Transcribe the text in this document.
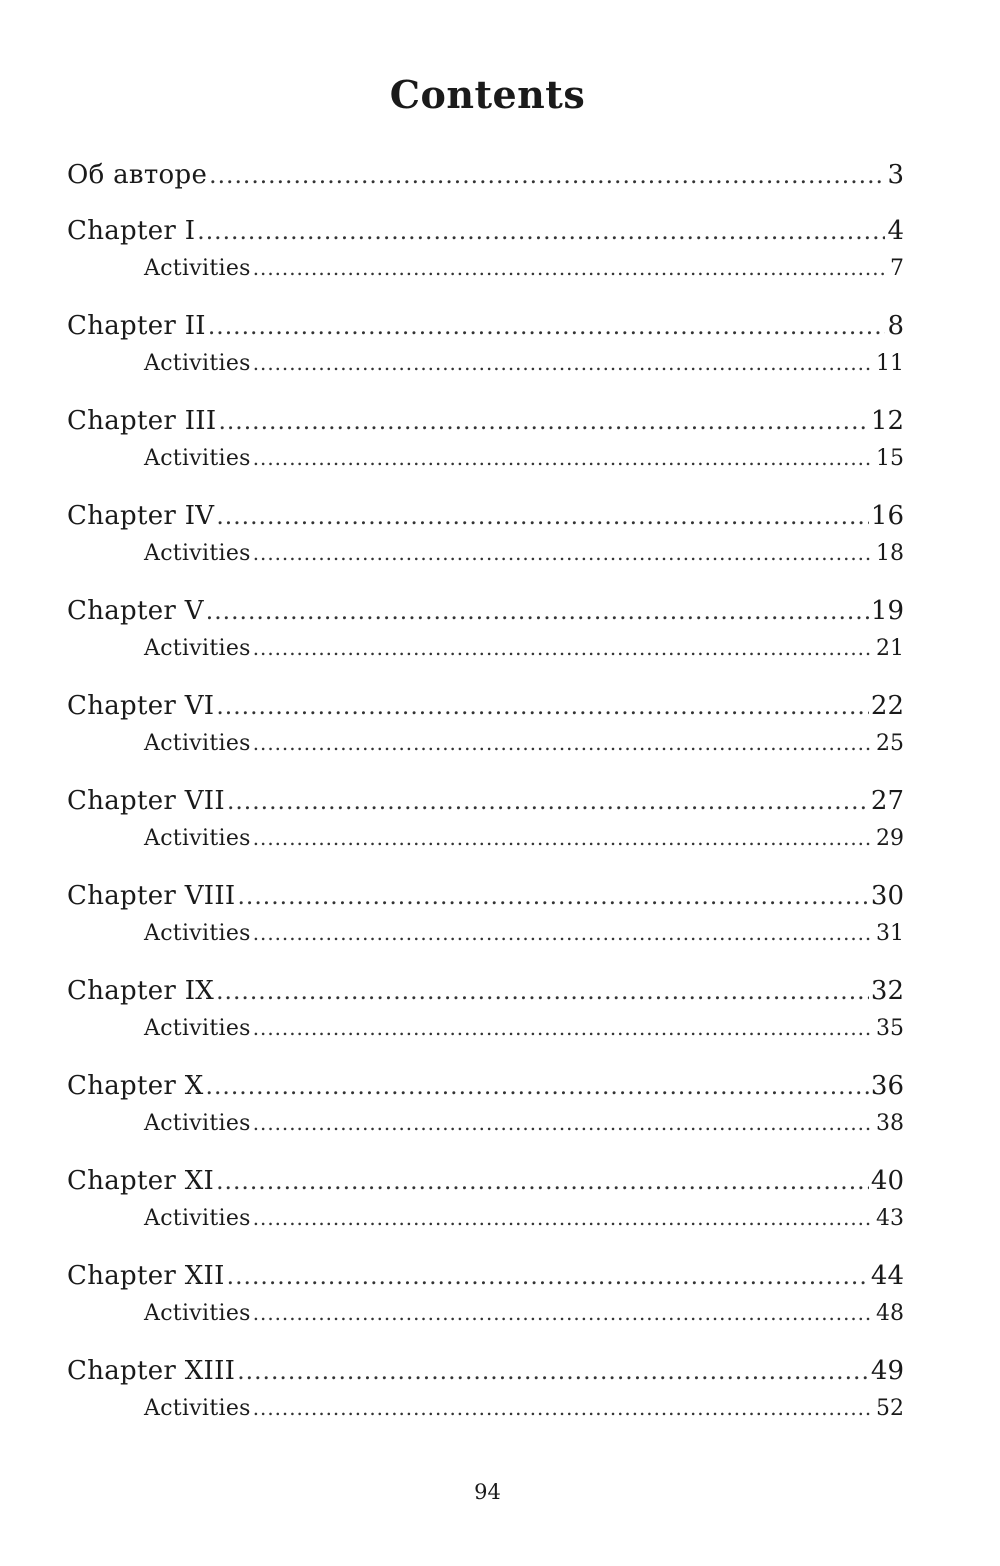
Contents
Об авторе .....	3
Chapter I .....	4
Activities .....	7
Chapter II .....	8
Activities .....	11
Chapter III .....	12
Activities .....	15
Chapter IV .....	16
Activities .....	18
Chapter V .....	19
Activities .....	21
Chapter VI .....	22
Activities .....	25
Chapter VII .....	27
Activities .....	29
Chapter VIII .....	30
Activities .....	31
Chapter IX .....	32
Activities .....	35
Chapter X .....	36
Activities .....	38
Chapter XI .....	40
Activities .....	43
Chapter XII .....	44
Activities .....	48
Chapter XIII .....	49
Activities .....	52
94
